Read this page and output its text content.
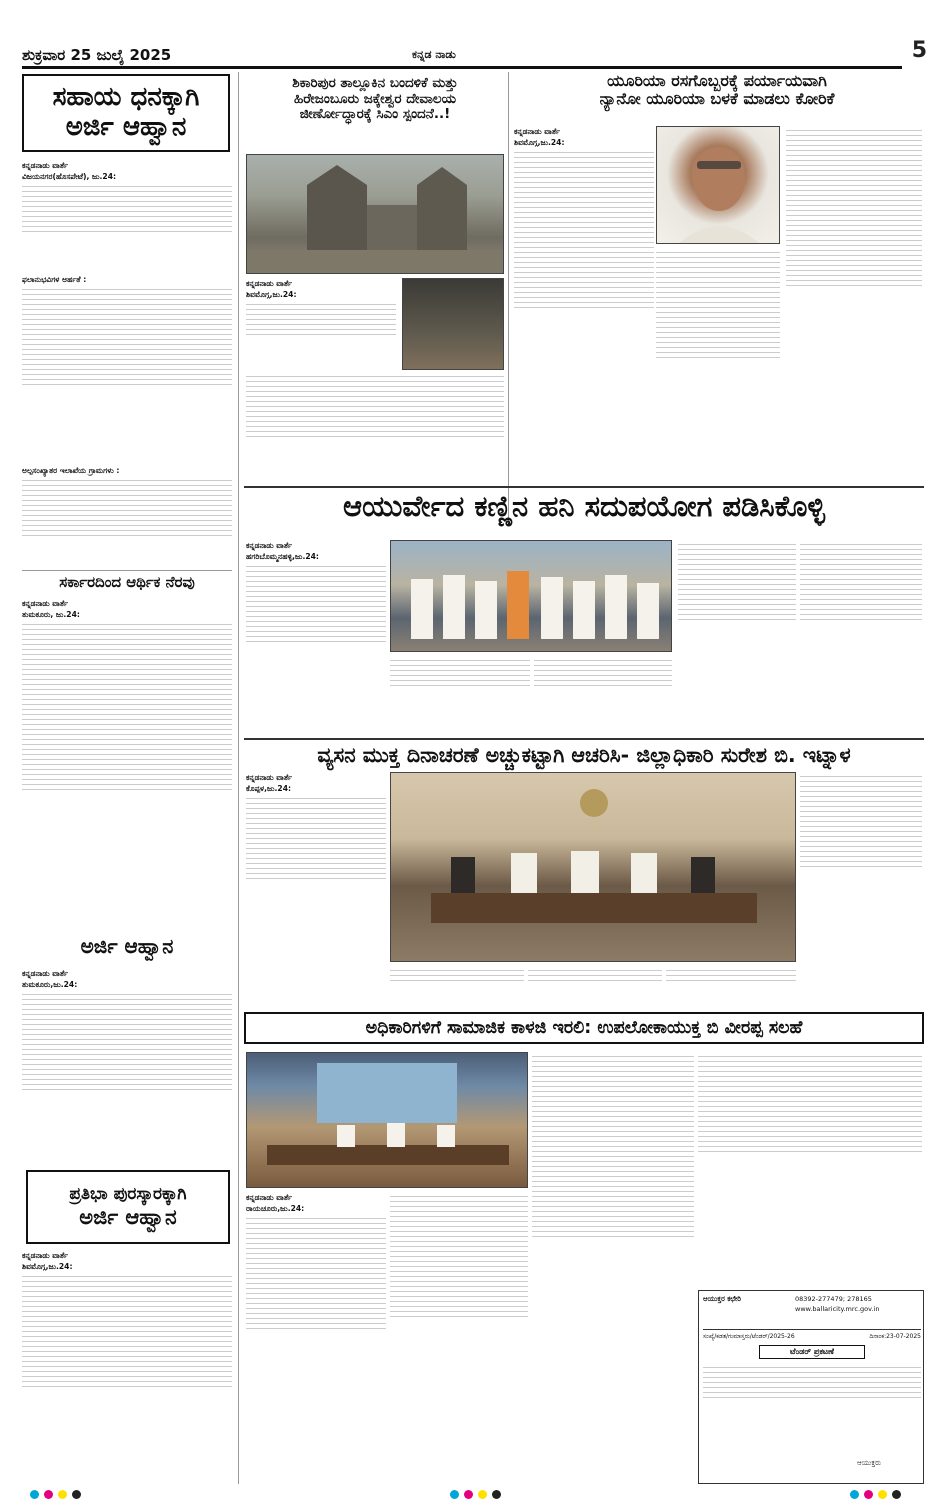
ಶುಕ್ರವಾರ 25 ಜುಲೈ 2025	ಕನ್ನಡ ನಾಡು	5
ಸಹಾಯ ಧನಕ್ಕಾಗಿ
ಅರ್ಜಿ ಆಹ್ವಾನ
ಕನ್ನಡನಾಡು ವಾರ್ತೆ
ವಿಜಯನಗರ(ಹೊಸಪೇಟೆ), ಜು.24:
ಫಲಾನುಭವಿಗಳ ಅರ್ಹತೆ :
ಅಲ್ಪಸಂಖ್ಯಾತರ ಇಲಾಖೆಯ ಗ್ರಾಮಗಳು :
ಸರ್ಕಾರದಿಂದ ಆರ್ಥಿಕ ನೆರವು
ಕನ್ನಡನಾಡು ವಾರ್ತೆ
ತುಮಕೂರು, ಜು.24:
ಅರ್ಜಿ ಆಹ್ವಾನ
ಕನ್ನಡನಾಡು ವಾರ್ತೆ
ತುಮಕೂರು,ಜು.24:
ಪ್ರತಿಭಾ ಪುರಸ್ಕಾರಕ್ಕಾಗಿ
ಅರ್ಜಿ ಆಹ್ವಾನ
ಕನ್ನಡನಾಡು ವಾರ್ತೆ
ಶಿವಮೊಗ್ಗ,ಜು.24:
ಶಿಕಾರಿಪುರ ತಾಲ್ಲೂಕಿನ ಬಂದಳಿಕೆ ಮತ್ತು
ಹಿರೇಜಂಬೂರು ಜಕ್ಕೇಶ್ವರ ದೇವಾಲಯ
ಜೀರ್ಣೋದ್ಧಾರಕ್ಕೆ ಸಿಎಂ ಸ್ಪಂದನೆ..!
ಕನ್ನಡನಾಡು ವಾರ್ತೆ
ಶಿವಮೊಗ್ಗ,ಜು.24:
ಯೂರಿಯಾ ರಸಗೊಬ್ಬರಕ್ಕೆ ಪರ್ಯಾಯವಾಗಿ
ನ್ಯಾನೋ ಯೂರಿಯಾ ಬಳಕೆ ಮಾಡಲು ಕೋರಿಕೆ
ಕನ್ನಡನಾಡು ವಾರ್ತೆ
ಶಿವಮೊಗ್ಗ,ಜು.24:
ಆಯುರ್ವೇದ ಕಣ್ಣಿನ ಹನಿ ಸದುಪಯೋಗ ಪಡಿಸಿಕೊಳ್ಳಿ
ಕನ್ನಡನಾಡು ವಾರ್ತೆ
ಹಗರಿಬೊಮ್ಮನಹಳ್ಳಿ,ಜು.24:
ವ್ಯಸನ ಮುಕ್ತ ದಿನಾಚರಣೆ ಅಚ್ಚುಕಟ್ಟಾಗಿ ಆಚರಿಸಿ- ಜಿಲ್ಲಾಧಿಕಾರಿ ಸುರೇಶ ಬಿ. ಇಟ್ನಾಳ
ಕನ್ನಡನಾಡು ವಾರ್ತೆ
ಕೊಪ್ಪಳ,ಜು.24:
ಅಧಿಕಾರಿಗಳಿಗೆ ಸಾಮಾಜಿಕ ಕಾಳಜಿ ಇರಲಿ: ಉಪಲೋಕಾಯುಕ್ತ ಬಿ ವೀರಪ್ಪ ಸಲಹೆ
ಕನ್ನಡನಾಡು ವಾರ್ತೆ
ರಾಯಚೂರು,ಜು.24:
ಆಯುಕ್ತರ ಕಛೇರಿ	08392-277479; 278165
www.ballaricity.mrc.gov.in
ಸಂಖ್ಯೆ/ಕಡತ/ಗುಮಾಸ್ತರು/ಟೆಂಡರ್/2025-26	ದಿನಾಂಕ:23-07-2025
ಟೆಂಡರ್ ಪ್ರಕಟಣೆ
ಆಯುಕ್ತರು
